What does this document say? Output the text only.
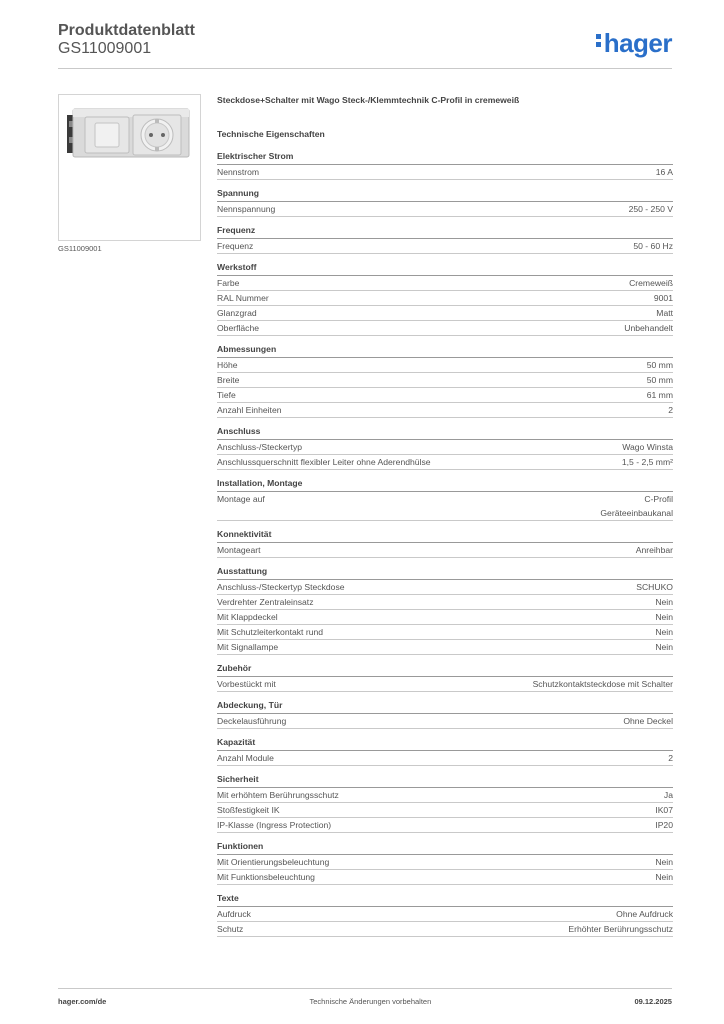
Produktdatenblatt
GS11009001	hager
GS11009001
Steckdose+Schalter mit Wago Steck-/Klemmtechnik C-Profil in cremeweiß
Technische Eigenschaften
Elektrischer Strom
Nennstrom	16 A
Spannung
Nennspannung	250 - 250 V
Frequenz
Frequenz	50 - 60 Hz
Werkstoff
Farbe	Cremeweiß
RAL Nummer	9001
Glanzgrad	Matt
Oberfläche	Unbehandelt
Abmessungen
Höhe	50 mm
Breite	50 mm
Tiefe	61 mm
Anzahl Einheiten	2
Anschluss
Anschluss-/Steckertyp	Wago Winsta
Anschlussquerschnitt flexibler Leiter ohne Aderendhülse	1,5 - 2,5 mm²
Installation, Montage
Montage auf	C-Profil
Geräteeinbaukanal
Konnektivität
Montageart	Anreihbar
Ausstattung
Anschluss-/Steckertyp Steckdose	SCHUKO
Verdrehter Zentraleinsatz	Nein
Mit Klappdeckel	Nein
Mit Schutzleiterkontakt rund	Nein
Mit Signallampe	Nein
Zubehör
Vorbestückt mit	Schutzkontaktsteckdose mit Schalter
Abdeckung, Tür
Deckelausführung	Ohne Deckel
Kapazität
Anzahl Module	2
Sicherheit
Mit erhöhtem Berührungsschutz	Ja
Stoßfestigkeit IK	IK07
IP-Klasse (Ingress Protection)	IP20
Funktionen
Mit Orientierungsbeleuchtung	Nein
Mit Funktionsbeleuchtung	Nein
Texte
Aufdruck	Ohne Aufdruck
Schutz	Erhöhter Berührungsschutz
hager.com/de	Technische Änderungen vorbehalten	09.12.2025
